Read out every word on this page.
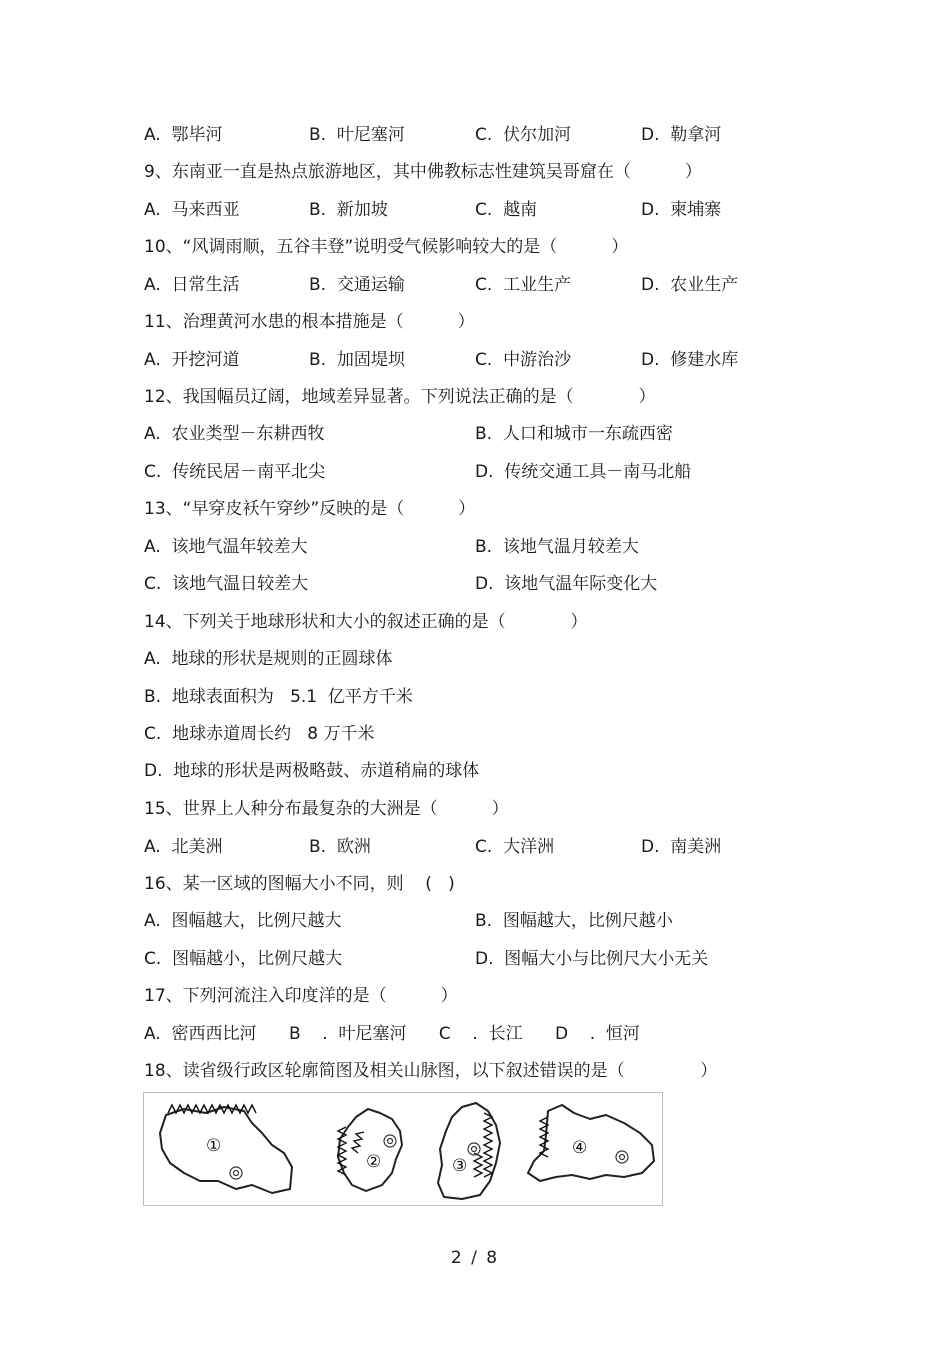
A.  鄂毕河	B.  叶尼塞河	C.  伏尔加河	D.  勒拿河
9、东南亚一直是热点旅游地区，其中佛教标志性建筑吴哥窟在（          ）
A.  马来西亚	B.  新加坡	C.  越南	D.  柬埔寨
10、“风调雨顺，五谷丰登”说明受气候影响较大的是（          ）
A.  日常生活	B.  交通运输	C.  工业生产	D.  农业生产
11、治理黄河水患的根本措施是（          ）
A.  开挖河道	B.  加固堤坝	C.  中游治沙	D.  修建水库
12、我国幅员辽阔，地域差异显著。下列说法正确的是（            ）
A.  农业类型－东耕西牧	B.  人口和城市一东疏西密
C.  传统民居－南平北尖	D.  传统交通工具－南马北船
13、“早穿皮袄午穿纱”反映的是（          ）
A.  该地气温年较差大	B.  该地气温月较差大
C.  该地气温日较差大	D.  该地气温年际变化大
14、下列关于地球形状和大小的叙述正确的是（            ）
A.  地球的形状是规则的正圆球体
B.  地球表面积为   5.1  亿平方千米
C.  地球赤道周长约   8 万千米
D.  地球的形状是两极略鼓、赤道稍扁的球体
15、世界上人种分布最复杂的大洲是（          ）
A.  北美洲	B.  欧洲	C.  大洋洲	D.  南美洲
16、某一区域的图幅大小不同，则    (   )
A.  图幅越大，比例尺越大	B.  图幅越大，比例尺越小
C.  图幅越小，比例尺越大	D.  图幅大小与比例尺大小无关
17、下列河流注入印度洋的是（          ）
A.  密西西比河      B    .  叶尼塞河      C    .  长江      D    .  恒河
18、读省级行政区轮廓简图及相关山脉图，以下叙述错误的是（              ）
①
②	③
④
2 / 8
